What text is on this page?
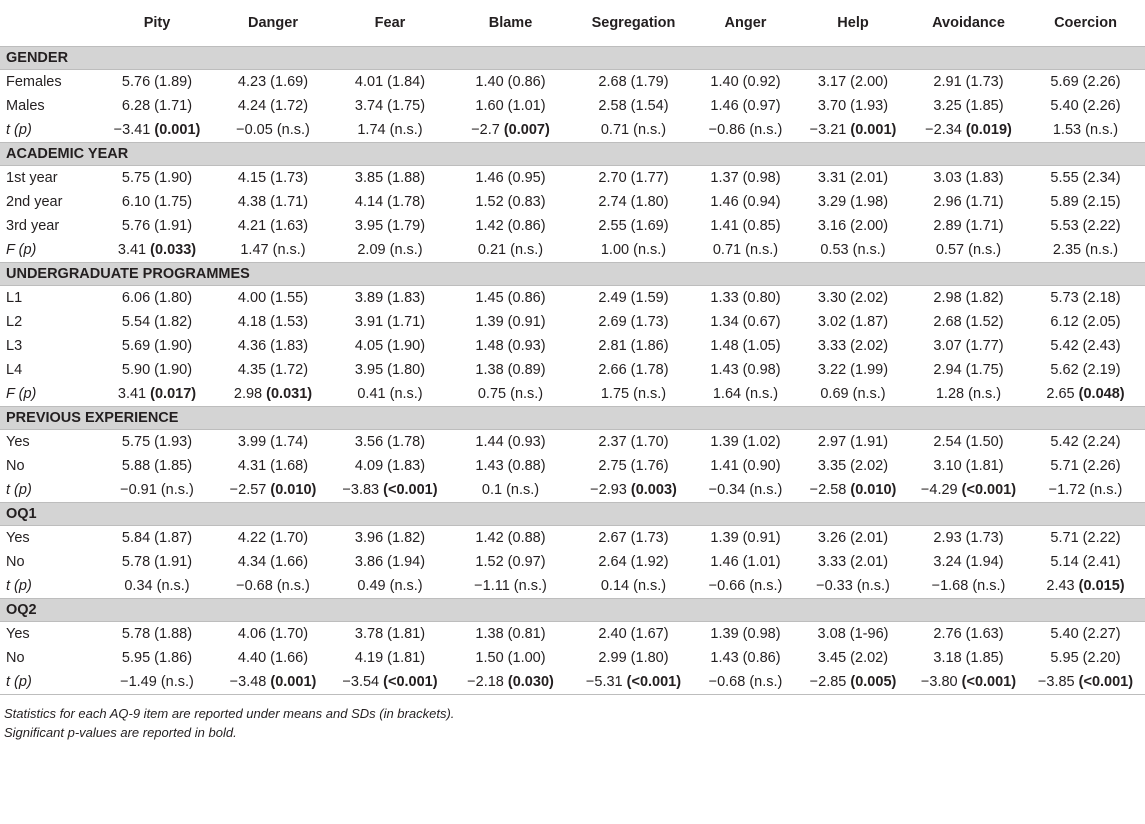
	Pity	Danger	Fear	Blame	Segregation	Anger	Help	Avoidance	Coercion
GENDER									
Females	5.76 (1.89)	4.23 (1.69)	4.01 (1.84)	1.40 (0.86)	2.68 (1.79)	1.40 (0.92)	3.17 (2.00)	2.91 (1.73)	5.69 (2.26)
Males	6.28 (1.71)	4.24 (1.72)	3.74 (1.75)	1.60 (1.01)	2.58 (1.54)	1.46 (0.97)	3.70 (1.93)	3.25 (1.85)	5.40 (2.26)
t (p)	−3.41 (0.001)	−0.05 (n.s.)	1.74 (n.s.)	−2.7 (0.007)	0.71 (n.s.)	−0.86 (n.s.)	−3.21 (0.001)	−2.34 (0.019)	1.53 (n.s.)
ACADEMIC YEAR									
1st year	5.75 (1.90)	4.15 (1.73)	3.85 (1.88)	1.46 (0.95)	2.70 (1.77)	1.37 (0.98)	3.31 (2.01)	3.03 (1.83)	5.55 (2.34)
2nd year	6.10 (1.75)	4.38 (1.71)	4.14 (1.78)	1.52 (0.83)	2.74 (1.80)	1.46 (0.94)	3.29 (1.98)	2.96 (1.71)	5.89 (2.15)
3rd year	5.76 (1.91)	4.21 (1.63)	3.95 (1.79)	1.42 (0.86)	2.55 (1.69)	1.41 (0.85)	3.16 (2.00)	2.89 (1.71)	5.53 (2.22)
F (p)	3.41 (0.033)	1.47 (n.s.)	2.09 (n.s.)	0.21 (n.s.)	1.00 (n.s.)	0.71 (n.s.)	0.53 (n.s.)	0.57 (n.s.)	2.35 (n.s.)
UNDERGRADUATE PROGRAMMES									
L1	6.06 (1.80)	4.00 (1.55)	3.89 (1.83)	1.45 (0.86)	2.49 (1.59)	1.33 (0.80)	3.30 (2.02)	2.98 (1.82)	5.73 (2.18)
L2	5.54 (1.82)	4.18 (1.53)	3.91 (1.71)	1.39 (0.91)	2.69 (1.73)	1.34 (0.67)	3.02 (1.87)	2.68 (1.52)	6.12 (2.05)
L3	5.69 (1.90)	4.36 (1.83)	4.05 (1.90)	1.48 (0.93)	2.81 (1.86)	1.48 (1.05)	3.33 (2.02)	3.07 (1.77)	5.42 (2.43)
L4	5.90 (1.90)	4.35 (1.72)	3.95 (1.80)	1.38 (0.89)	2.66 (1.78)	1.43 (0.98)	3.22 (1.99)	2.94 (1.75)	5.62 (2.19)
F (p)	3.41 (0.017)	2.98 (0.031)	0.41 (n.s.)	0.75 (n.s.)	1.75 (n.s.)	1.64 (n.s.)	0.69 (n.s.)	1.28 (n.s.)	2.65 (0.048)
PREVIOUS EXPERIENCE									
Yes	5.75 (1.93)	3.99 (1.74)	3.56 (1.78)	1.44 (0.93)	2.37 (1.70)	1.39 (1.02)	2.97 (1.91)	2.54 (1.50)	5.42 (2.24)
No	5.88 (1.85)	4.31 (1.68)	4.09 (1.83)	1.43 (0.88)	2.75 (1.76)	1.41 (0.90)	3.35 (2.02)	3.10 (1.81)	5.71 (2.26)
t (p)	−0.91 (n.s.)	−2.57 (0.010)	−3.83 (<0.001)	0.1 (n.s.)	−2.93 (0.003)	−0.34 (n.s.)	−2.58 (0.010)	−4.29 (<0.001)	−1.72 (n.s.)
OQ1									
Yes	5.84 (1.87)	4.22 (1.70)	3.96 (1.82)	1.42 (0.88)	2.67 (1.73)	1.39 (0.91)	3.26 (2.01)	2.93 (1.73)	5.71 (2.22)
No	5.78 (1.91)	4.34 (1.66)	3.86 (1.94)	1.52 (0.97)	2.64 (1.92)	1.46 (1.01)	3.33 (2.01)	3.24 (1.94)	5.14 (2.41)
t (p)	0.34 (n.s.)	−0.68 (n.s.)	0.49 (n.s.)	−1.11 (n.s.)	0.14 (n.s.)	−0.66 (n.s.)	−0.33 (n.s.)	−1.68 (n.s.)	2.43 (0.015)
OQ2									
Yes	5.78 (1.88)	4.06 (1.70)	3.78 (1.81)	1.38 (0.81)	2.40 (1.67)	1.39 (0.98)	3.08 (1-96)	2.76 (1.63)	5.40 (2.27)
No	5.95 (1.86)	4.40 (1.66)	4.19 (1.81)	1.50 (1.00)	2.99 (1.80)	1.43 (0.86)	3.45 (2.02)	3.18 (1.85)	5.95 (2.20)
t (p)	−1.49 (n.s.)	−3.48 (0.001)	−3.54 (<0.001)	−2.18 (0.030)	−5.31 (<0.001)	−0.68 (n.s.)	−2.85 (0.005)	−3.80 (<0.001)	−3.85 (<0.001)
Statistics for each AQ-9 item are reported under means and SDs (in brackets).
Significant p-values are reported in bold.
